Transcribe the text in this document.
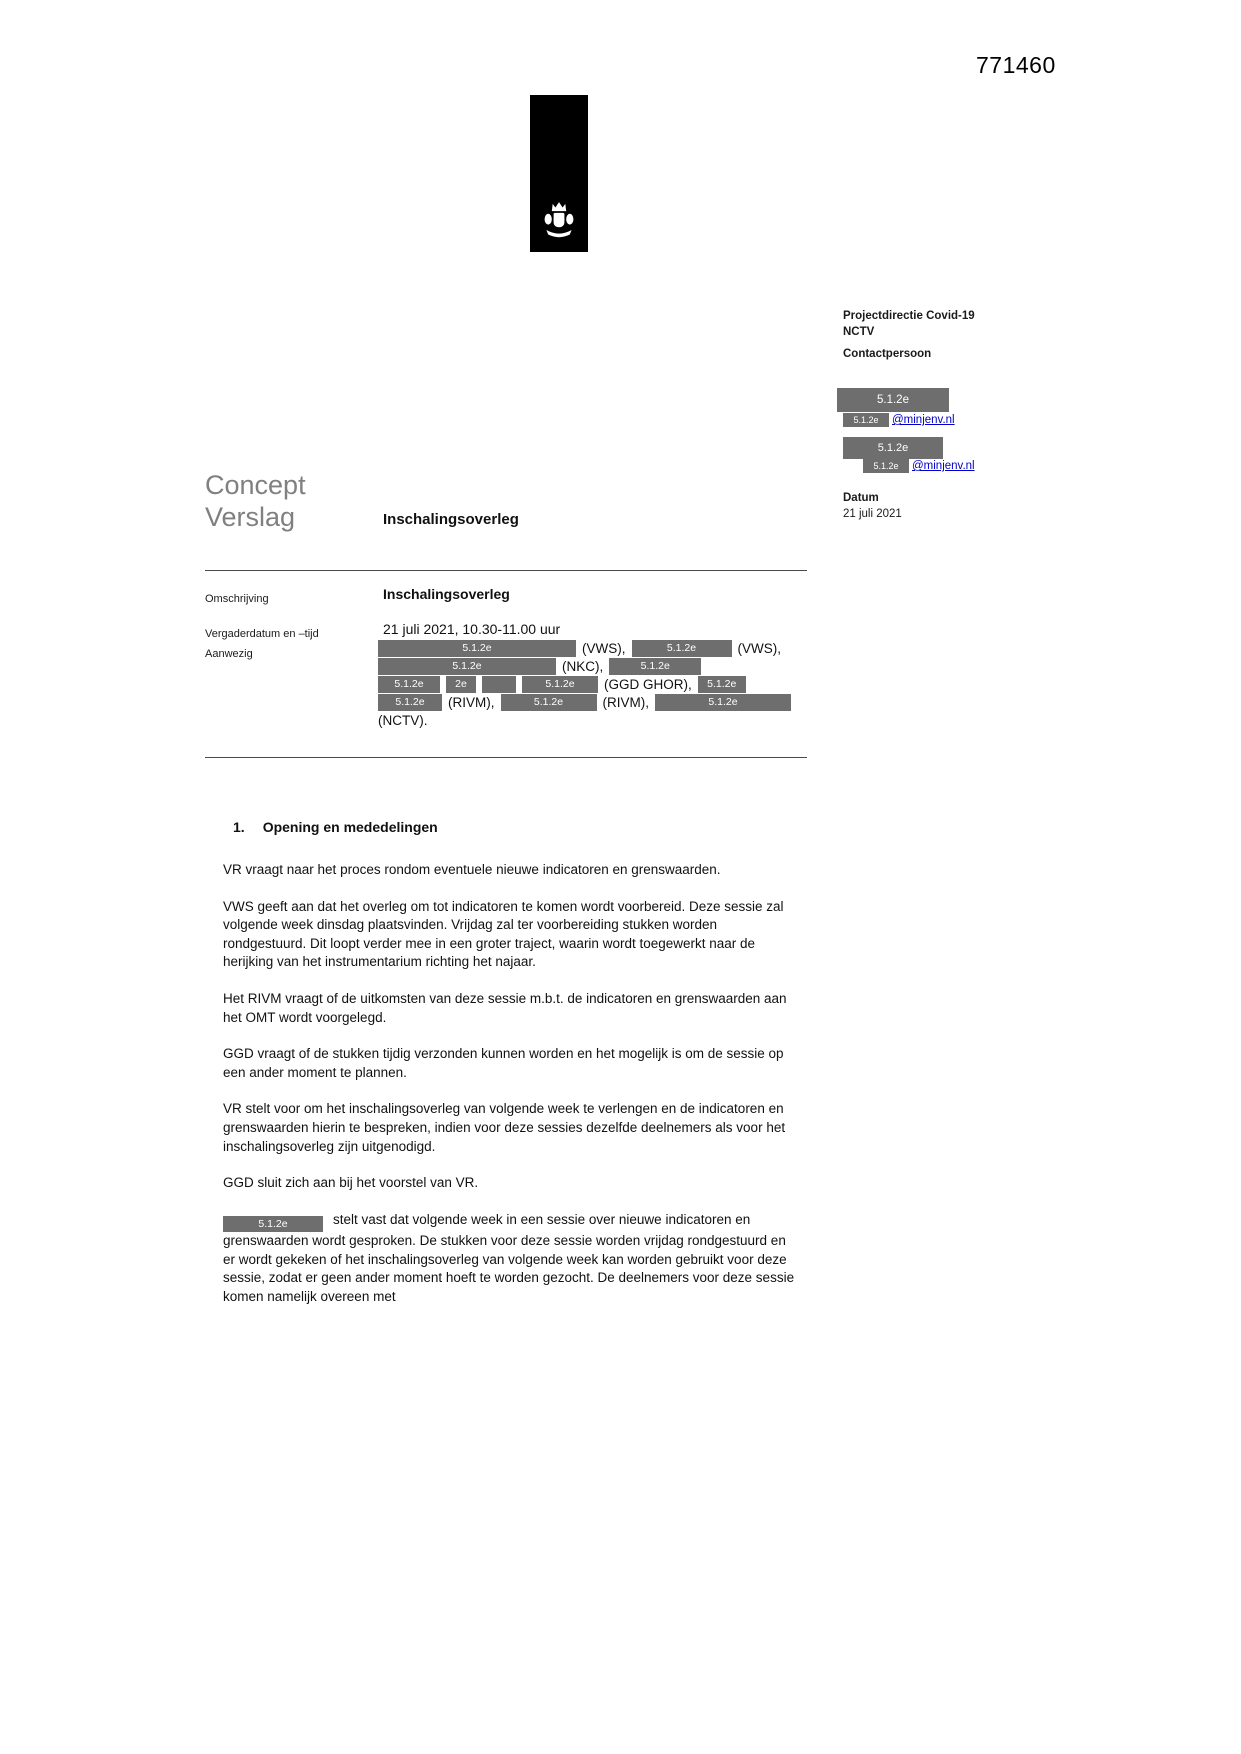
771460
Projectdirectie Covid-19
NCTV
Contactpersoon
5.1.2e
5.1.2e	@minjenv.nl
5.1.2e
5.1.2e	@minjenv.nl
Datum
21 juli 2021
Concept
Verslag	Inschalingsoverleg
Omschrijving	Inschalingsoverleg
Vergaderdatum en –tijd	21 juli 2021, 10.30-11.00 uur
Aanwezig	5.1.2e	(VWS),	5.1.2e	(VWS),
5.1.2e	(NKC),	5.1.2e
5.1.2e	2e	5.1.2e	(GGD GHOR),	5.1.2e
5.1.2e	(RIVM),	5.1.2e	(RIVM),	5.1.2e
(NCTV).
1. Opening en mededelingen

VR vraagt naar het proces rondom eventuele nieuwe indicatoren en grenswaarden.

VWS geeft aan dat het overleg om tot indicatoren te komen wordt voorbereid. Deze sessie zal volgende week dinsdag plaatsvinden. Vrijdag zal ter voorbereiding stukken worden rondgestuurd. Dit loopt verder mee in een groter traject, waarin wordt toegewerkt naar de herijking van het instrumentarium richting het najaar.

Het RIVM vraagt of de uitkomsten van deze sessie m.b.t. de indicatoren en grenswaarden aan het OMT wordt voorgelegd.

GGD vraagt of de stukken tijdig verzonden kunnen worden en het mogelijk is om de sessie op een ander moment te plannen.

VR stelt voor om het inschalingsoverleg van volgende week te verlengen en de indicatoren en grenswaarden hierin te bespreken, indien voor deze sessies dezelfde deelnemers als voor het inschalingsoverleg zijn uitgenodigd.

GGD sluit zich aan bij het voorstel van VR.

5.1.2e	stelt vast dat volgende week in een sessie over nieuwe indicatoren en grenswaarden wordt gesproken. De stukken voor deze sessie worden vrijdag rondgestuurd en er wordt gekeken of het inschalingsoverleg van volgende week kan worden gebruikt voor deze sessie, zodat er geen ander moment hoeft te worden gezocht. De deelnemers voor deze sessie komen namelijk overeen met
